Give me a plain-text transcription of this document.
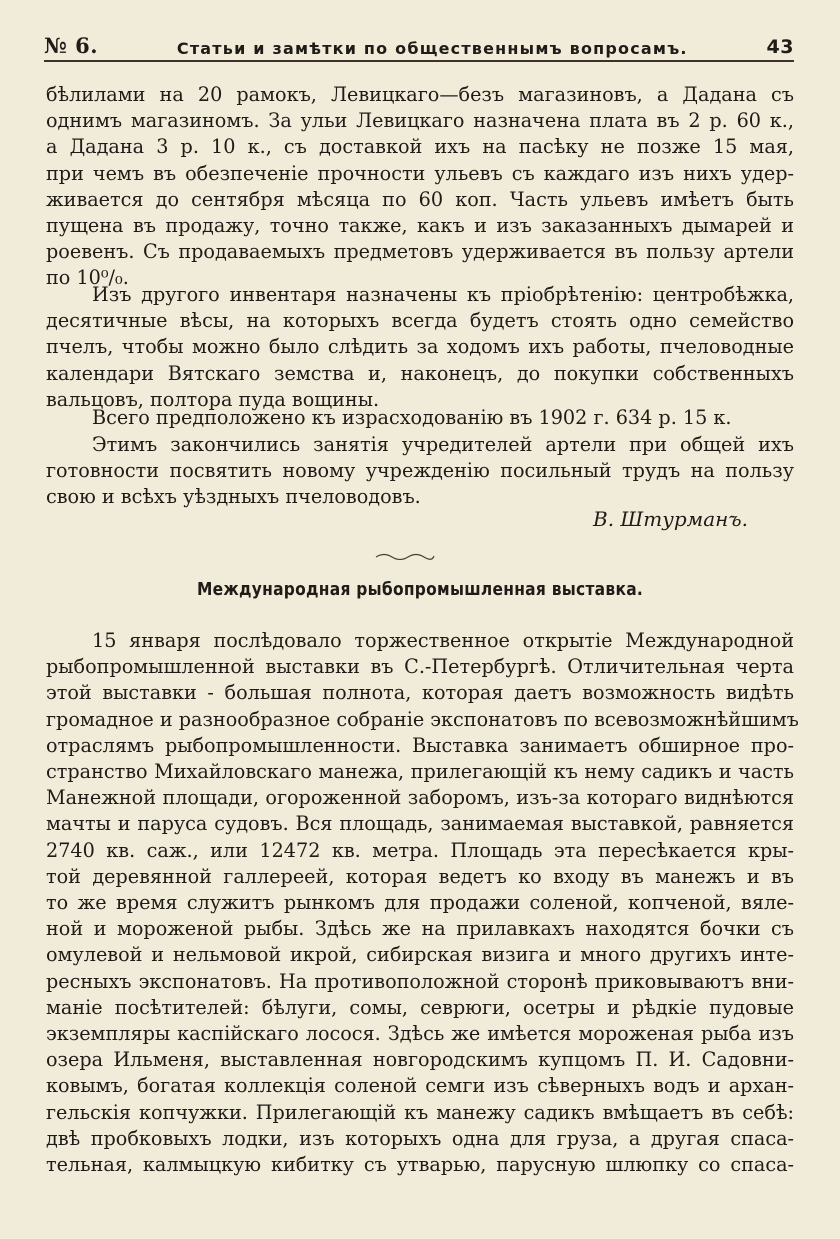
№ 6.	Статьи и замѣтки по общественнымъ вопросамъ.	43
бѣлилами на 20 рамокъ, Левицкаго—безъ магазиновъ, а Дадана съ
однимъ магазиномъ. За ульи Левицкаго назначена плата въ 2 р. 60 к.,
а Дадана 3 р. 10 к., съ доставкой ихъ на пасѣку не позже 15 мая,
при чемъ въ обезпеченіе прочности ульевъ съ каждаго изъ нихъ удер-
живается до сентября мѣсяца по 60 коп. Часть ульевъ имѣетъ быть
пущена въ продажу, точно также, какъ и изъ заказанныхъ дымарей и
роевенъ. Съ продаваемыхъ предметовъ удерживается въ пользу артели
по 10⁰/₀.
Изъ другого инвентаря назначены къ пріобрѣтенію: центробѣжка,
десятичные вѣсы, на которыхъ всегда будетъ стоять одно семейство
пчелъ, чтобы можно было слѣдить за ходомъ ихъ работы, пчеловодные
календари Вятскаго земства и, наконецъ, до покупки собственныхъ
вальцовъ, полтора пуда вощины.
Всего предположено къ израсходованію въ 1902 г. 634 р. 15 к.
Этимъ закончились занятія учредителей артели при общей ихъ
готовности посвятить новому учрежденію посильный трудъ на пользу
свою и всѣхъ уѣздныхъ пчеловодовъ.
В. Штурманъ.
Международная рыбопромышленная выставка.
15 января послѣдовало торжественное открытіе Международной
рыбопромышленной выставки въ С.-Петербургѣ. Отличительная черта
этой выставки - большая полнота, которая даетъ возможность видѣть
громадное и разнообразное собраніе экспонатовъ по всевозможнѣйшимъ
отраслямъ рыбопромышленности. Выставка занимаетъ обширное про-
странство Михайловскаго манежа, прилегающій къ нему садикъ и часть
Манежной площади, огороженной заборомъ, изъ-за котораго виднѣются
мачты и паруса судовъ. Вся площадь, занимаемая выставкой, равняется
2740 кв. саж., или 12472 кв. метра. Площадь эта пересѣкается кры-
той деревянной галлереей, которая ведетъ ко входу въ манежъ и въ
то же время служитъ рынкомъ для продажи соленой, копченой, вяле-
ной и мороженой рыбы. Здѣсь же на прилавкахъ находятся бочки съ
омулевой и нельмовой икрой, сибирская визига и много другихъ инте-
ресныхъ экспонатовъ. На противоположной сторонѣ приковываютъ вни-
маніе посѣтителей: бѣлуги, сомы, севрюги, осетры и рѣдкіе пудовые
экземпляры каспійскаго лосося. Здѣсь же имѣется мороженая рыба изъ
озера Ильменя, выставленная новгородскимъ купцомъ П. И. Садовни-
ковымъ, богатая коллекція соленой семги изъ сѣверныхъ водъ и архан-
гельскія копчужки. Прилегающій къ манежу садикъ вмѣщаетъ въ себѣ:
двѣ пробковыхъ лодки, изъ которыхъ одна для груза, а другая спаса-
тельная, калмыцкую кибитку съ утварью, парусную шлюпку со спаса-
